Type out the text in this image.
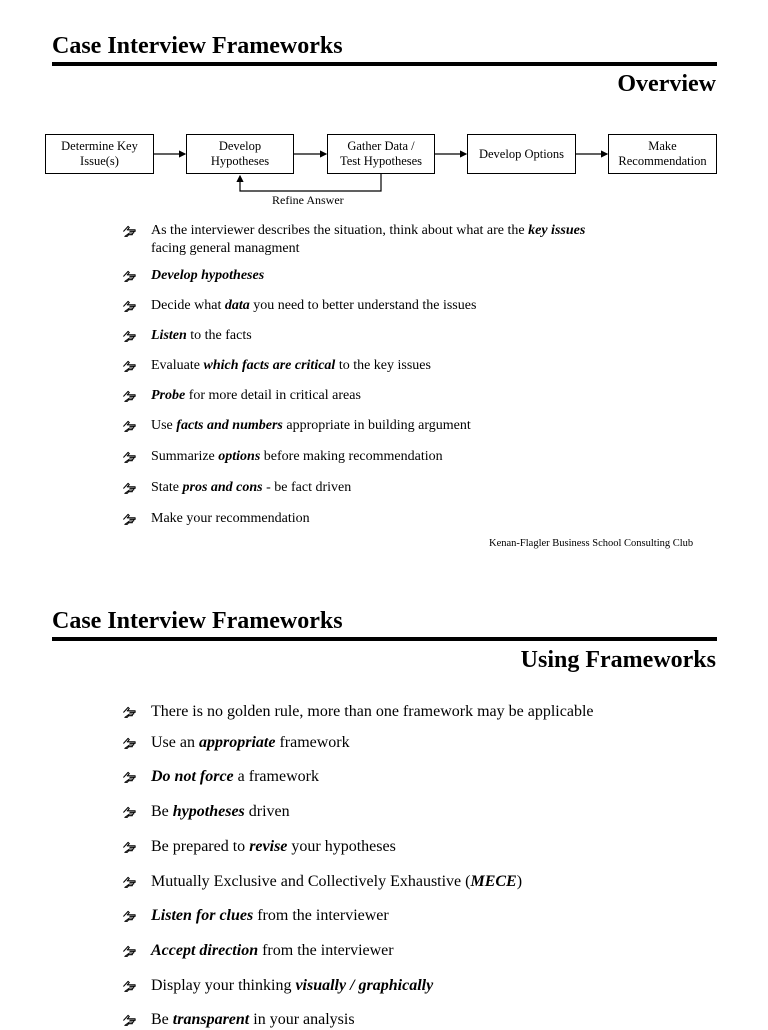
Case Interview Frameworks
Overview
Determine Key
Issue(s)
Develop
Hypotheses
Gather Data /
Test Hypotheses
Develop Options
Make
Recommendation
Refine Answer
As the interviewer describes the situation, think about what are the key issues
facing general managment
Develop hypotheses
Decide what data you need to better understand the issues
Listen to the facts
Evaluate which facts are critical to the key issues
Probe for more detail in critical areas
Use facts and numbers appropriate in building argument
Summarize options before making recommendation
State pros and cons - be fact driven
Make your recommendation
Kenan-Flagler Business School Consulting Club
Case Interview Frameworks
Using Frameworks
There is no golden rule, more than one framework may be applicable
Use an appropriate framework
Do not force a framework
Be hypotheses driven
Be prepared to revise your hypotheses
Mutually Exclusive and Collectively Exhaustive (MECE)
Listen for clues from the interviewer
Accept direction from the interviewer
Display your thinking visually / graphically
Be transparent in your analysis
